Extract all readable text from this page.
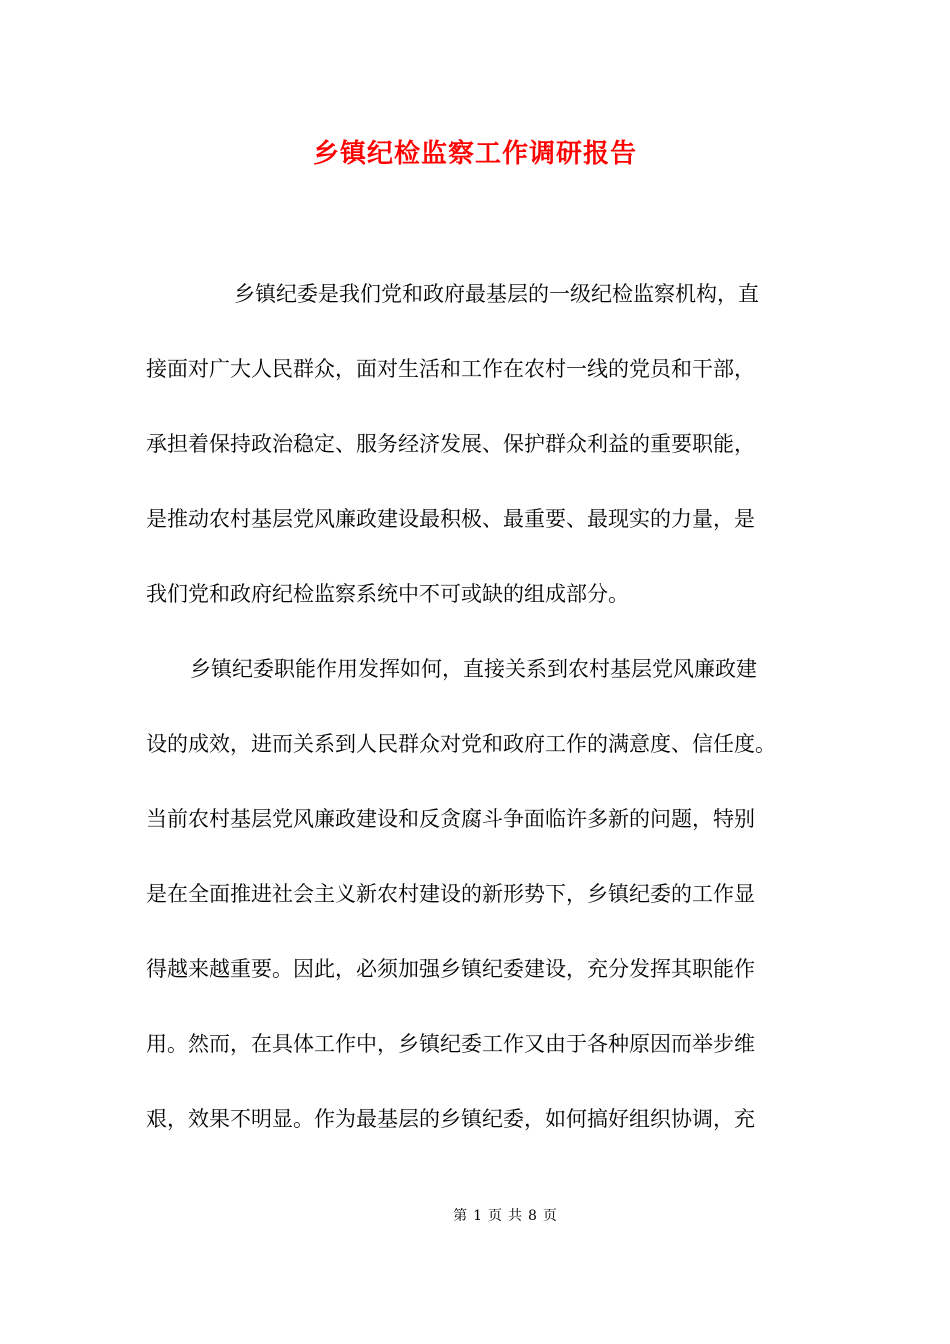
乡镇纪检监察工作调研报告
乡镇纪委是我们党和政府最基层的一级纪检监察机构，直
接面对广大人民群众，面对生活和工作在农村一线的党员和干部，
承担着保持政治稳定、服务经济发展、保护群众利益的重要职能，
是推动农村基层党风廉政建设最积极、最重要、最现实的力量，是
我们党和政府纪检监察系统中不可或缺的组成部分。
乡镇纪委职能作用发挥如何，直接关系到农村基层党风廉政建
设的成效，进而关系到人民群众对党和政府工作的满意度、信任度。
当前农村基层党风廉政建设和反贪腐斗争面临许多新的问题，特别
是在全面推进社会主义新农村建设的新形势下，乡镇纪委的工作显
得越来越重要。因此，必须加强乡镇纪委建设，充分发挥其职能作
用。然而，在具体工作中，乡镇纪委工作又由于各种原因而举步维
艰，效果不明显。作为最基层的乡镇纪委，如何搞好组织协调，充
第 1 页 共 8 页
